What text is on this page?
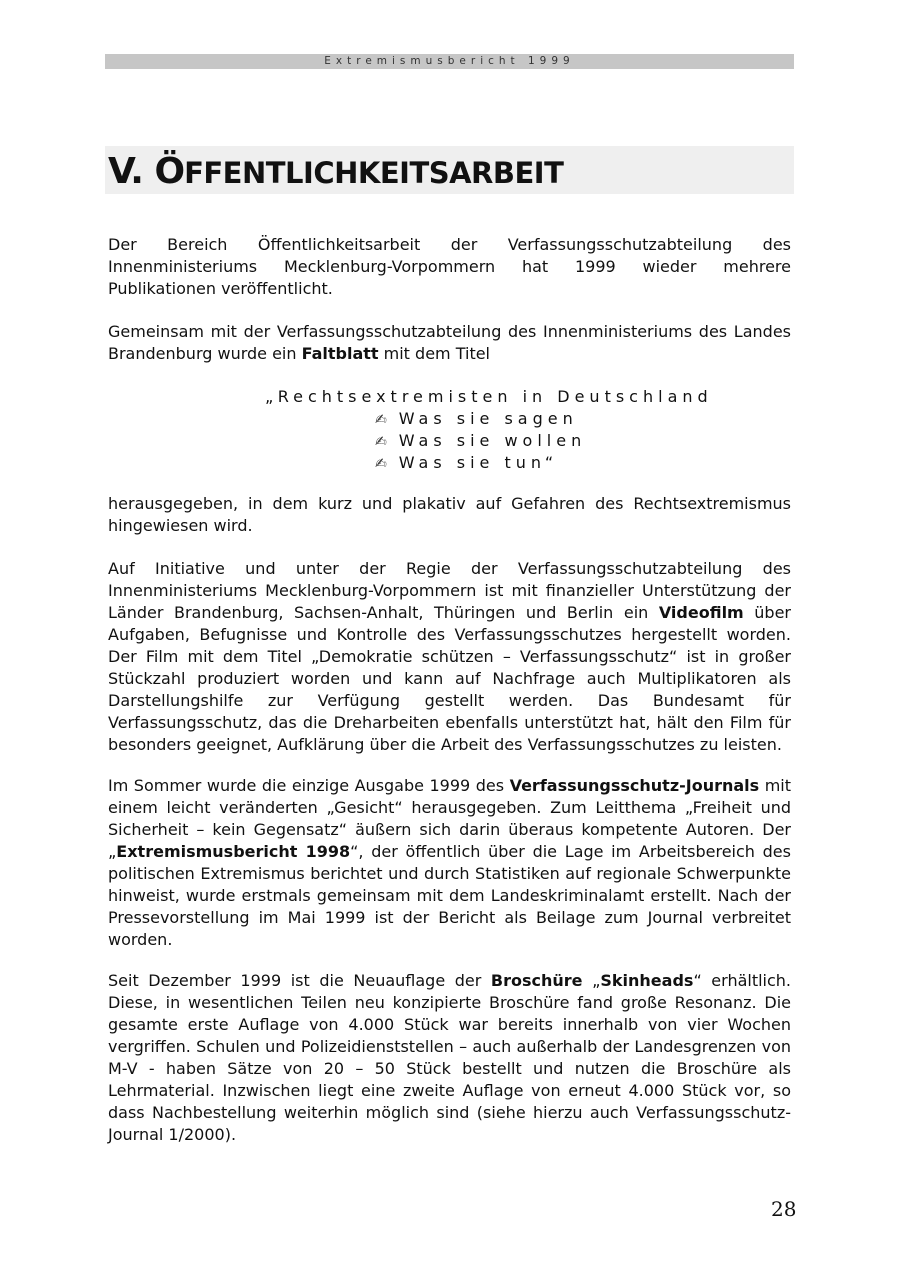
Extremismusbericht 1999
V. ÖFFENTLICHKEITSARBEIT

Der Bereich Öffentlichkeitsarbeit der Verfassungsschutzabteilung des Innenministeriums Mecklenburg-Vorpommern hat 1999 wieder mehrere Publikationen veröffentlicht.

Gemeinsam mit der Verfassungsschutzabteilung des Innenministeriums des Landes Brandenburg wurde ein Faltblatt mit dem Titel

„Rechtsextremisten in Deutschland
✍ Was sie sagen
✍ Was sie wollen
✍ Was sie tun“

herausgegeben, in dem kurz und plakativ auf Gefahren des Rechtsextremismus hingewiesen wird.

Auf Initiative und unter der Regie der Verfassungsschutzabteilung des Innenministeriums Mecklenburg-Vorpommern ist mit finanzieller Unterstützung der Länder Brandenburg, Sachsen-Anhalt, Thüringen und Berlin ein Videofilm über Aufgaben, Befugnisse und Kontrolle des Verfassungsschutzes hergestellt worden. Der Film mit dem Titel „Demokratie schützen – Verfassungsschutz“ ist in großer Stückzahl produziert worden und kann auf Nachfrage auch Multiplikatoren als Darstellungshilfe zur Verfügung gestellt werden. Das Bundesamt für Verfassungsschutz, das die Dreharbeiten ebenfalls unterstützt hat, hält den Film für besonders geeignet, Aufklärung über die Arbeit des Verfassungsschutzes zu leisten.

Im Sommer wurde die einzige Ausgabe 1999 des Verfassungsschutz-Journals mit einem leicht veränderten „Gesicht“ herausgegeben. Zum Leitthema „Freiheit und Sicherheit – kein Gegensatz“ äußern sich darin überaus kompetente Autoren. Der „Extremismusbericht 1998“, der öffentlich über die Lage im Arbeitsbereich des politischen Extremismus berichtet und durch Statistiken auf regionale Schwerpunkte hinweist, wurde erstmals gemeinsam mit dem Landeskriminalamt erstellt. Nach der Pressevorstellung im Mai 1999 ist der Bericht als Beilage zum Journal verbreitet worden.

Seit Dezember 1999 ist die Neuauflage der Broschüre „Skinheads“ erhältlich. Diese, in wesentlichen Teilen neu konzipierte Broschüre fand große Resonanz. Die gesamte erste Auflage von 4.000 Stück war bereits innerhalb von vier Wochen vergriffen. Schulen und Polizeidienststellen – auch außerhalb der Landesgrenzen von M-V - haben Sätze von 20 – 50 Stück bestellt und nutzen die Broschüre als Lehrmaterial. Inzwischen liegt eine zweite Auflage von erneut 4.000 Stück vor, so dass Nachbestellung weiterhin möglich sind (siehe hierzu auch Verfassungsschutz-Journal 1/2000).

28
